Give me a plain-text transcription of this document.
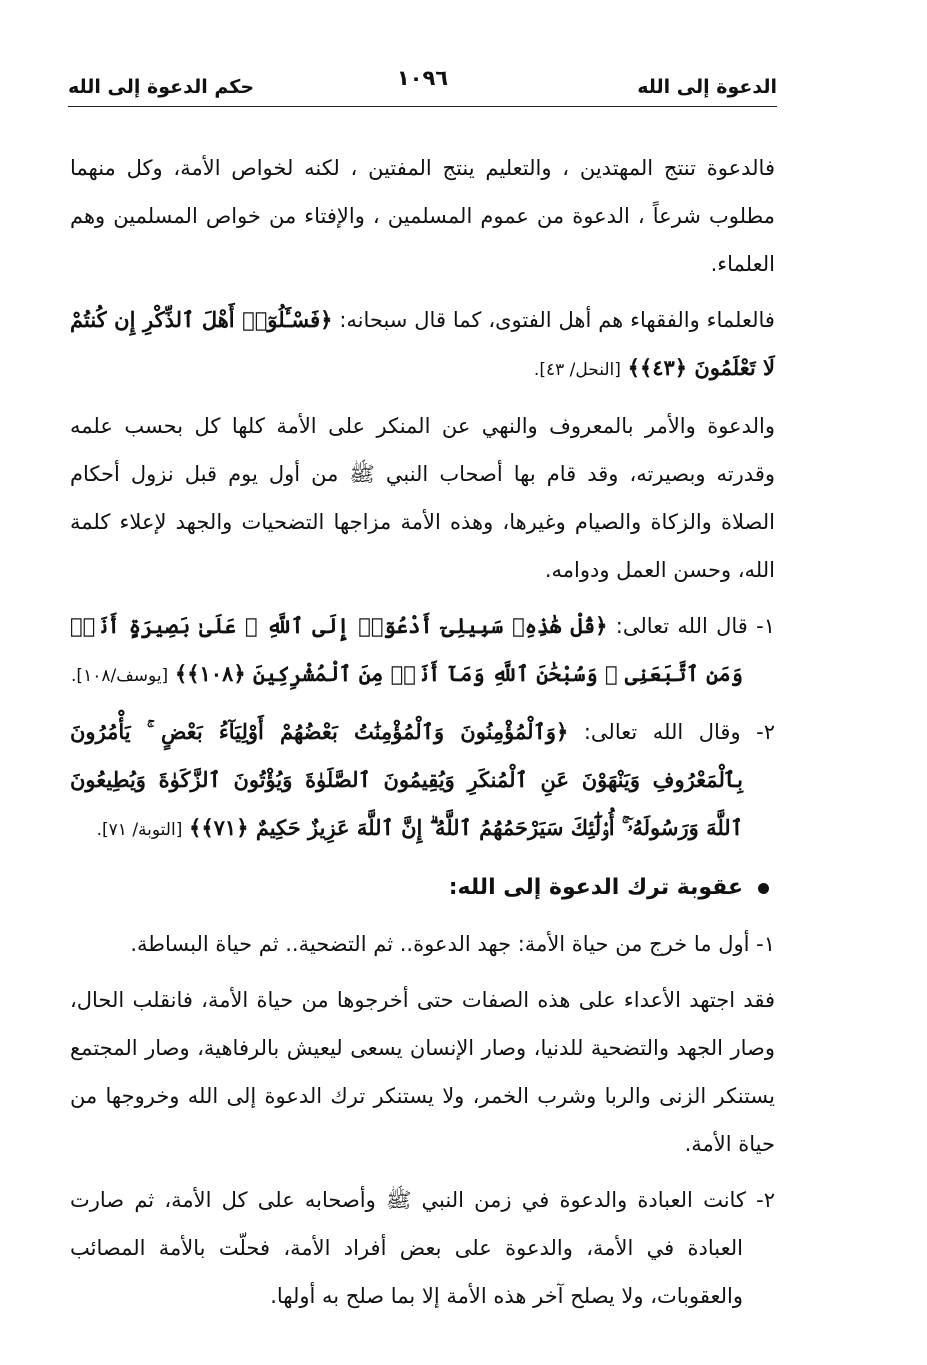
الدعوة إلى الله
١٠٩٦
حكم الدعوة إلى الله

فالدعوة تنتج المهتدين ، والتعليم ينتج المفتين ، لكنه لخواص الأمة، وكل منهما مطلوب شرعاً ، الدعوة من عموم المسلمين ، والإفتاء من خواص المسلمين وهم العلماء.

فالعلماء والفقهاء هم أهل الفتوى، كما قال سبحانه: ﴿فَسْـَٔلُوٓا۟ أَهْلَ ٱلذِّكْرِ إِن كُنتُمْ لَا تَعْلَمُونَ ﴿٤٣﴾﴾ [النحل/ ٤٣].

والدعوة والأمر بالمعروف والنهي عن المنكر على الأمة كلها كل بحسب علمه وقدرته وبصيرته، وقد قام بها أصحاب النبي ﷺ من أول يوم قبل نزول أحكام الصلاة والزكاة والصيام وغيرها، وهذه الأمة مزاجها التضحيات والجهد لإعلاء كلمة الله، وحسن العمل ودوامه.

١- قال الله تعالى: ﴿قُلْ هَٰذِهِۦ سَبِيلِىٓ أَدْعُوٓا۟ إِلَى ٱللَّهِ ۚ عَلَىٰ بَصِيرَةٍ أَنَا۠ وَمَنِ ٱتَّبَعَنِى ۖ وَسُبْحَٰنَ ٱللَّهِ وَمَآ أَنَا۠ مِنَ ٱلْمُشْرِكِينَ ﴿١٠٨﴾﴾ [يوسف/١٠٨].

٢- وقال الله تعالى: ﴿وَٱلْمُؤْمِنُونَ وَٱلْمُؤْمِنَٰتُ بَعْضُهُمْ أَوْلِيَآءُ بَعْضٍ ۚ يَأْمُرُونَ بِٱلْمَعْرُوفِ وَيَنْهَوْنَ عَنِ ٱلْمُنكَرِ وَيُقِيمُونَ ٱلصَّلَوٰةَ وَيُؤْتُونَ ٱلزَّكَوٰةَ وَيُطِيعُونَ ٱللَّهَ وَرَسُولَهُۥٓ ۚ أُو۟لَٰٓئِكَ سَيَرْحَمُهُمُ ٱللَّهُ ۗ إِنَّ ٱللَّهَ عَزِيزٌ حَكِيمٌ ﴿٧١﴾﴾ [التوبة/ ٧١].

عقوبة ترك الدعوة إلى الله:

١- أول ما خرج من حياة الأمة: جهد الدعوة.. ثم التضحية.. ثم حياة البساطة.

فقد اجتهد الأعداء على هذه الصفات حتى أخرجوها من حياة الأمة، فانقلب الحال، وصار الجهد والتضحية للدنيا، وصار الإنسان يسعى ليعيش بالرفاهية، وصار المجتمع يستنكر الزنى والربا وشرب الخمر، ولا يستنكر ترك الدعوة إلى الله وخروجها من حياة الأمة.

٢- كانت العبادة والدعوة في زمن النبي ﷺ وأصحابه على كل الأمة، ثم صارت العبادة في الأمة، والدعوة على بعض أفراد الأمة، فحلّت بالأمة المصائب والعقوبات، ولا يصلح آخر هذه الأمة إلا بما صلح به أولها.
